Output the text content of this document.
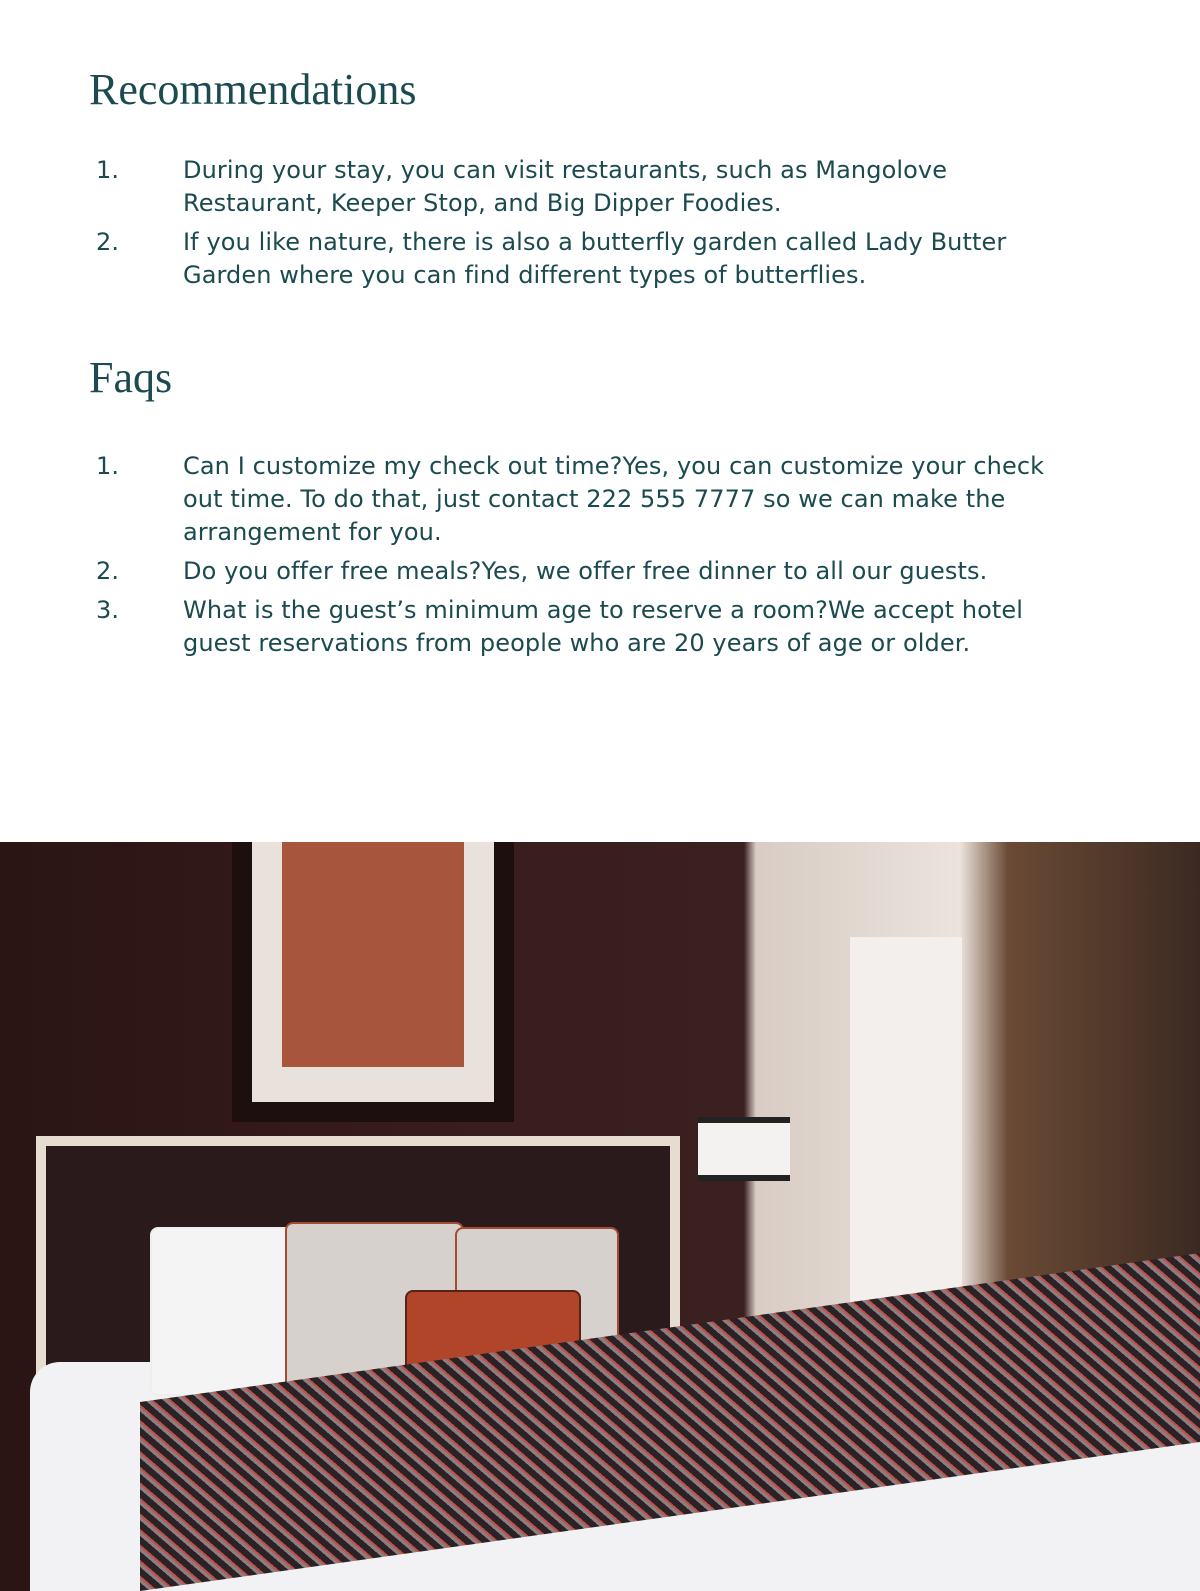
Recommendations
1.	During your stay, you can visit restaurants, such as Mangolove Restaurant, Keeper Stop, and Big Dipper Foodies.
2.	If you like nature, there is also a butterfly garden called Lady Butter Garden where you can find different types of butterflies.
Faqs
1.	Can I customize my check out time?Yes, you can customize your check out time. To do that, just contact 222 555 7777 so we can make the arrangement for you.
2.	Do you offer free meals?Yes, we offer free dinner to all our guests.
3.	What is the guest’s minimum age to reserve a room?We accept hotel guest reservations from people who are 20 years of age or older.
